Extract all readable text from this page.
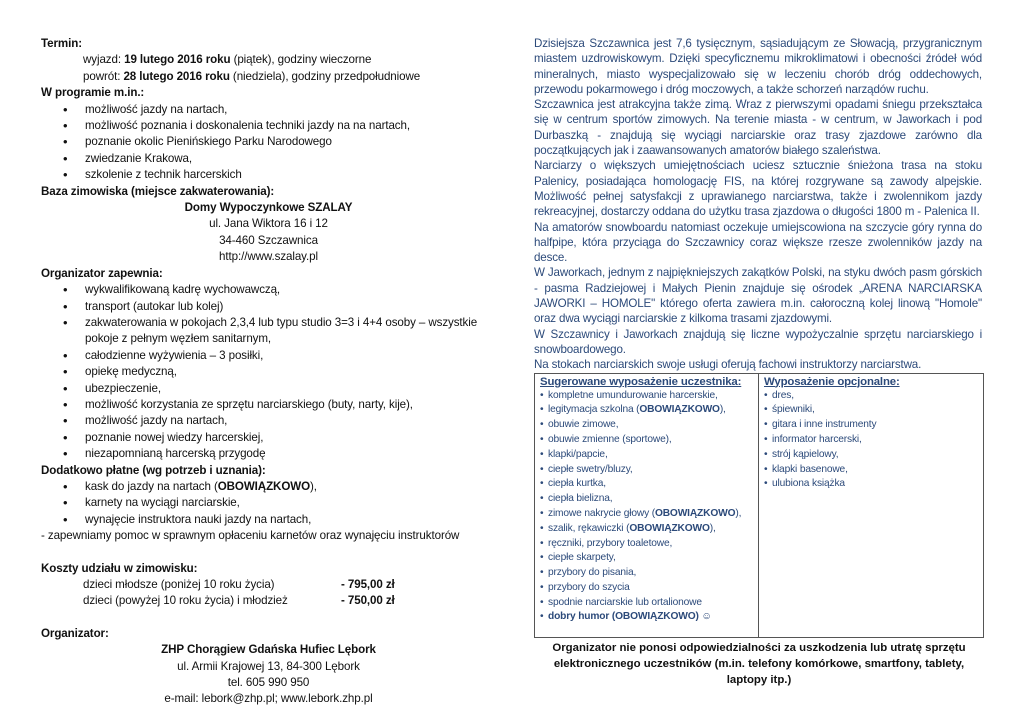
Termin:
wyjazd: 19 lutego 2016 roku (piątek), godziny wieczorne
powrót: 28 lutego 2016 roku (niedziela), godziny przedpołudniowe
W programie m.in.:
• możliwość jazdy na nartach,
• możliwość poznania i doskonalenia techniki jazdy na na nartach,
• poznanie okolic Pienińskiego Parku Narodowego
• zwiedzanie Krakowa,
• szkolenie z technik harcerskich
Baza zimowiska (miejsce zakwaterowania):
Domy Wypoczynkowe SZALAY
ul. Jana Wiktora 16 i 12
34-460 Szczawnica
http://www.szalay.pl
Organizator zapewnia:
• wykwalifikowaną kadrę wychowawczą,
• transport (autokar lub kolej)
• zakwaterowania w pokojach 2,3,4 lub typu studio 3=3 i 4+4 osoby – wszystkie pokoje z pełnym węzłem sanitarnym,
• całodzienne wyżywienia – 3 posiłki,
• opiekę medyczną,
• ubezpieczenie,
• możliwość korzystania ze sprzętu narciarskiego (buty, narty, kije),
• możliwość jazdy na nartach,
• poznanie nowej wiedzy harcerskiej,
• niezapomnianą harcerską przygodę
Dodatkowo płatne (wg potrzeb i uznania):
• kask do jazdy na nartach (OBOWIĄZKOWO),
• karnety na wyciągi narciarskie,
• wynajęcie instruktora nauki jazdy na nartach,
- zapewniamy pomoc w sprawnym opłaceniu karnetów oraz wynajęciu instruktorów
Koszty udziału w zimowisku:
dzieci młodsze (poniżej 10 roku życia)	- 795,00 zł
dzieci (powyżej 10 roku życia) i młodzież	- 750,00 zł
Organizator:
ZHP Chorągiew Gdańska Hufiec Lębork
ul. Armii Krajowej 13, 84-300 Lębork
tel. 605 990 950
e-mail: lebork@zhp.pl; www.lebork.zhp.pl

Dzisiejsza Szczawnica jest 7,6 tysięcznym, sąsiadującym ze Słowacją, przygranicznym miastem uzdrowiskowym. Dzięki specyficznemu mikroklimatowi i obecności źródeł wód mineralnych, miasto wyspecjalizowało się w leczeniu chorób dróg oddechowych, przewodu pokarmowego i dróg moczowych, a także schorzeń narządów ruchu.

Szczawnica jest atrakcyjna także zimą. Wraz z pierwszymi opadami śniegu przekształca się w centrum sportów zimowych. Na terenie miasta - w centrum, w Jaworkach i pod Durbaszką - znajdują się wyciągi narciarskie oraz trasy zjazdowe zarówno dla początkujących jak i zaawansowanych amatorów białego szaleństwa.

Narciarzy o większych umiejętnościach uciesz sztucznie śnieżona trasa na stoku Palenicy, posiadająca homologację FIS, na której rozgrywane są zawody alpejskie. Możliwość pełnej satysfakcji z uprawianego narciarstwa, także i zwolennikom jazdy rekreacyjnej, dostarczy oddana do użytku trasa zjazdowa o długości 1800 m - Palenica II.

Na amatorów snowboardu natomiast oczekuje umiejscowiona na szczycie góry rynna do halfpipe, która przyciąga do Szczawnicy coraz większe rzesze zwolenników jazdy na desce.

W Jaworkach, jednym z najpiękniejszych zakątków Polski, na styku dwóch pasm górskich - pasma Radziejowej i Małych Pienin znajduje się ośrodek „ARENA NARCIARSKA JAWORKI – HOMOLE" którego oferta zawiera m.in. całoroczną kolej linową "Homole" oraz dwa wyciągi narciarskie z kilkoma trasami zjazdowymi.

W Szczawnicy i Jaworkach znajdują się liczne wypożyczalnie sprzętu narciarskiego i snowboardowego.

Na stokach narciarskich swoje usługi oferują fachowi instruktorzy narciarstwa.

Sugerowane wyposażenie uczestnika:
• kompletne umundurowanie harcerskie,
• legitymacja szkolna (OBOWIĄZKOWO),
• obuwie zimowe,
• obuwie zmienne (sportowe),
• klapki/papcie,
• ciepłe swetry/bluzy,
• ciepła kurtka,
• ciepła bielizna,
• zimowe nakrycie głowy (OBOWIĄZKOWO),
• szalik, rękawiczki (OBOWIĄZKOWO),
• ręczniki, przybory toaletowe,
• ciepłe skarpety,
• przybory do pisania,
• przybory do szycia
• spodnie narciarskie lub ortalionowe
• dobry humor (OBOWIĄZKOWO) ☺

Wyposażenie opcjonalne:
• dres,
• śpiewniki,
• gitara i inne instrumenty
• informator harcerski,
• strój kąpielowy,
• klapki basenowe,
• ulubiona książka
Organizator nie ponosi odpowiedzialności za uszkodzenia lub utratę sprzętu elektronicznego uczestników (m.in. telefony komórkowe, smartfony, tablety, laptopy itp.)
